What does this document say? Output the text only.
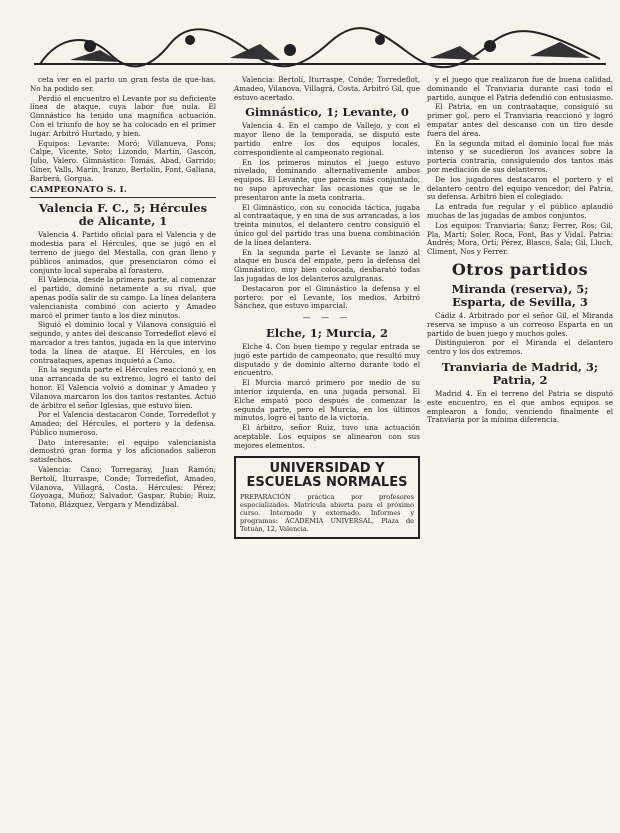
ceta ver en el parto un gran festa de que-has. No ha podido ser.

Perdió el encuentro el Levante por su deficiente línea de ataque, cuya labor fue nula. El Gimnástico ha tenido una magnífica actuación. Con el triunfo de hoy se ha colocado en el primer lugar. Arbitró Hurtado, y bien.

Equipos: Levante: Moró; Villanueva, Pons; Calpe, Vicente, Soto; Lizondo, Martín, Gascón, Julio, Valero. Gimnástico: Tomás, Abad, Garrido; Giner, Valls, Marín, Iranzo, Bertolín, Font, Galiana, Barberá, Gorgua.

CAMPEONATO S. I.
Valencia F. C., 5; Hércules de Alicante, 1

Valencia 4. Partido oficial para el Valencia y de modestia para el Hércules, que se jugó en el terreno de juego del Mestalla, con gran lleno y públicos animados, que presenciaron cómo el conjunto local superaba al forastero.

El Valencia, desde la primera parte, al comenzar el partido, dominó netamente a su rival, que apenas podía salir de su campo. La línea delantera valencianista combinó con acierto y Amadeo marcó el primer tanto a los diez minutos.

Siguió el dominio local y Vilanova consiguió el segundo, y antes del descanso Torredeflot elevó el marcador a tres tantos, jugada en la que intervino toda la línea de ataque. El Hércules, en los contraataques, apenas inquietó a Cano.

En la segunda parte el Hércules reaccionó y, en una arrancada de su extremo, logró el tanto del honor. El Valencia volvió a dominar y Amadeo y Vilanova marcaron los dos tantos restantes. Actuó de árbitro el señor Iglesias, que estuvo bien.

Por el Valencia destacaron Conde, Torredeflot y Amadeo; del Hércules, el portero y la defensa. Público numeroso.

Dato interesante: el equipo valencianista demostró gran forma y los aficionados salieron satisfechos.

Valencia: Cano; Torregaray, Juan Ramón; Bertolí, Iturraspe, Conde; Torredeflot, Amadeo, Vilanova, Villagrá, Costa. Hércules: Pérez; Goyoaga, Muñoz; Salvador, Gaspar, Rubio; Ruiz, Tatono, Blázquez, Vergara y Mendizábal.

Valencia: Bertolí, Iturraspe, Conde; Torredeflot, Amadeo, Vilanova, Villagrá, Costa. Arbitró Gil, que estuvo acertado.

Gimnástico, 1; Levante, 0

Valencia 4. En el campo de Vallejo, y con el mayor lleno de la temporada, se disputó este partido entre los dos equipos locales, correspondiente al campeonato regional.

En los primeros minutos el juego estuvo nivelado, dominando alternativamente ambos equipos. El Levante, que parecía más conjuntado, no supo aprovechar las ocasiones que se le presentaron ante la meta contraria.

El Gimnástico, con su conocida táctica, jugaba al contraataque, y en una de sus arrancadas, a los treinta minutos, el delantero centro consiguió el único gol del partido tras una buena combinación de la línea delantera.

En la segunda parte el Levante se lanzó al ataque en busca del empate, pero la defensa del Gimnástico, muy bien colocada, desbarató todas las jugadas de los delanteros azulgranas.

Destacaron por el Gimnástico la defensa y el portero; por el Levante, los medios. Arbitró Sánchez, que estuvo imparcial.

— — —
Elche, 1; Murcia, 2

Elche 4. Con buen tiempo y regular entrada se jugó este partido de campeonato, que resultó muy disputado y de dominio alterno durante todo el encuentro.

El Murcia marcó primero por medio de su interior izquierda, en una jugada personal. El Elche empató poco después de comenzar la segunda parte, pero el Murcia, en los últimos minutos, logró el tanto de la victoria.

El árbitro, señor Ruiz, tuvo una actuación aceptable. Los equipos se alinearon con sus mejores elementos.

UNIVERSIDAD Y
ESCUELAS NORMALES
PREPARACIÓN práctica por profesores especializados. Matrícula abierta para el próximo curso. Internado y externado. Informes y programas: ACADEMIA UNIVERSAL, Plaza de Tetuán, 12, Valencia.

y el juego que realizaron fue de buena calidad, dominando el Tranviaria durante casi todo el partido, aunque el Patria defendió con entusiasmo.

El Patria, en un contraataque, consiguió su primer gol, pero el Tranviaria reaccionó y logró empatar antes del descanso con un tiro desde fuera del área.

En la segunda mitad el dominio local fue más intenso y se sucedieron los avances sobre la portería contraria, consiguiendo dos tantos más por mediación de sus delanteros.

De los jugadores destacaron el portero y el delantero centro del equipo vencedor; del Patria, su defensa. Arbitró bien el colegiado.

La entrada fue regular y el público aplaudió muchas de las jugadas de ambos conjuntos.

Los equipos: Tranviaria: Sanz; Ferrer, Ros; Gil, Pla, Martí; Soler, Roca, Font, Bas y Vidal. Patria: Andrés; Mora, Ortí; Pérez, Blasco, Sala; Gil, Lluch, Climent, Nos y Ferrer.

Otros partidos
Miranda (reserva), 5; Esparta, de Sevilla, 3

Cádiz 4. Arbitrado por el señor Gil, el Miranda reserva se impuso a un correoso Esparta en un partido de buen juego y muchos goles.

Distinguieron por el Miranda el delantero centro y los dos extremos.

Tranviaria de Madrid, 3; Patria, 2

Madrid 4. En el terreno del Patria se disputó este encuentro, en el que ambos equipos se emplearon a fondo, venciendo finalmente el Tranviaria por la mínima diferencia.
